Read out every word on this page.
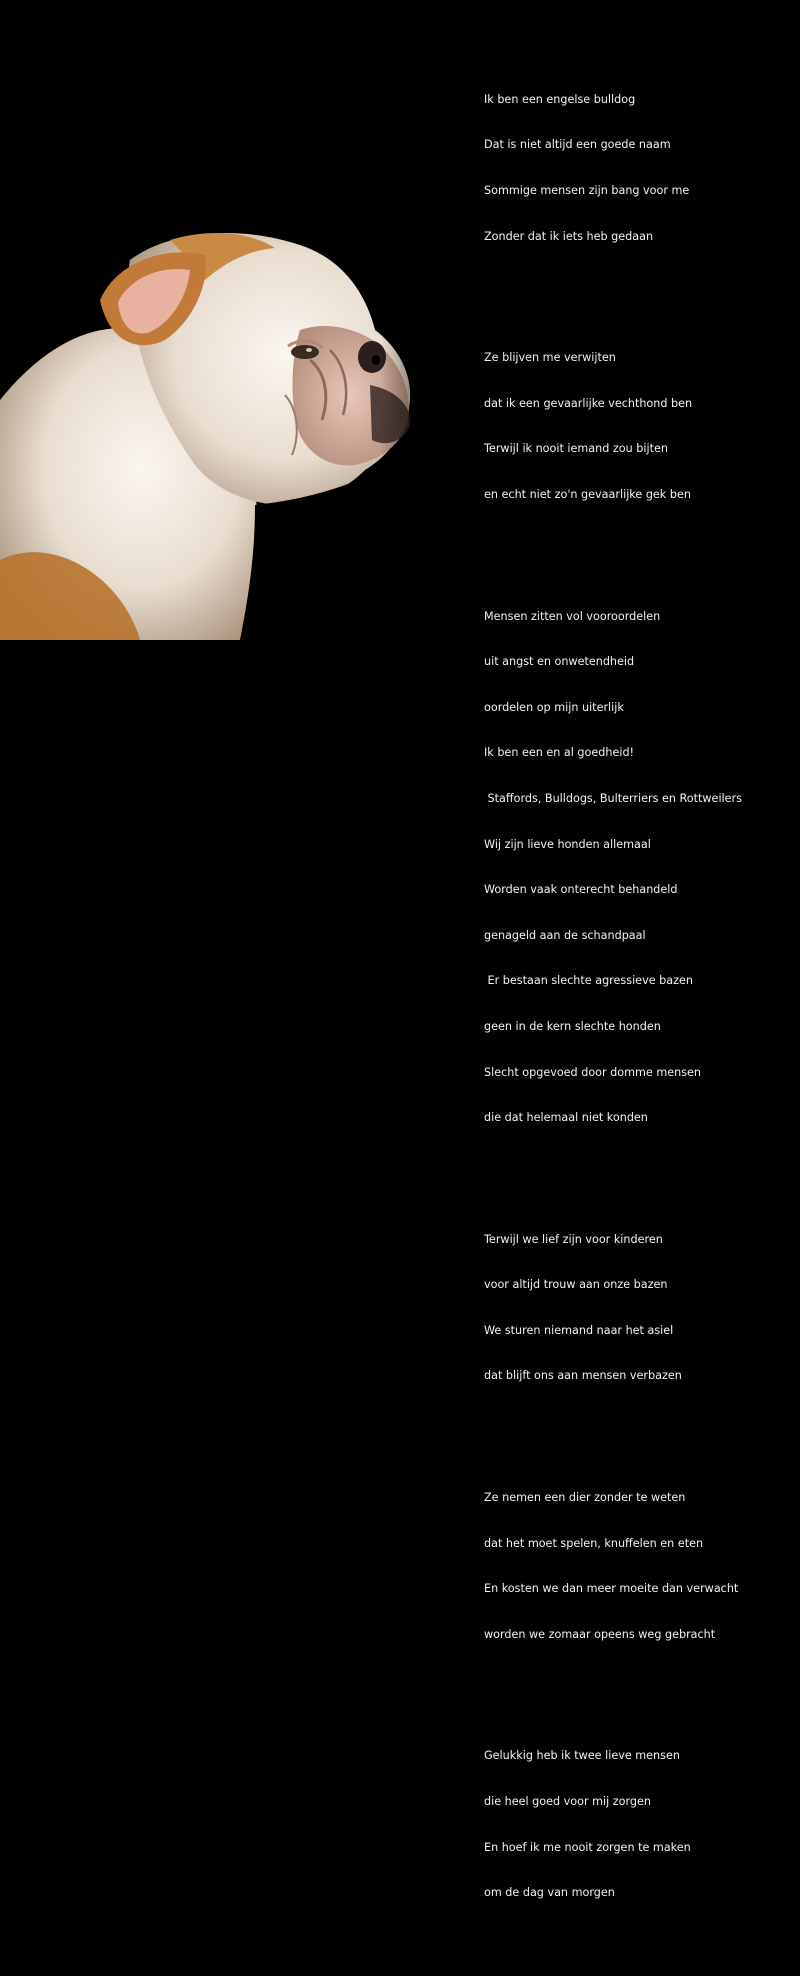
Ik ben een engelse bulldog

Dat is niet altijd een goede naam

Sommige mensen zijn bang voor me

Zonder dat ik iets heb gedaan

Ze blijven me verwijten

dat ik een gevaarlijke vechthond ben

Terwijl ik nooit iemand zou bijten

en echt niet zo'n gevaarlijke gek ben

Mensen zitten vol vooroordelen

uit angst en onwetendheid

oordelen op mijn uiterlijk

Ik ben een en al goedheid!

Staffords, Bulldogs, Bulterriers en Rottweilers

Wij zijn lieve honden allemaal

Worden vaak onterecht behandeld

genageld aan de schandpaal

Er bestaan slechte agressieve bazen

geen in de kern slechte honden

Slecht opgevoed door domme mensen

die dat helemaal niet konden

Terwijl we lief zijn voor kinderen

voor altijd trouw aan onze bazen

We sturen niemand naar het asiel

dat blijft ons aan mensen verbazen

Ze nemen een dier zonder te weten

dat het moet spelen, knuffelen en eten

En kosten we dan meer moeite dan verwacht

worden we zomaar opeens weg gebracht

Gelukkig heb ik twee lieve mensen

die heel goed voor mij zorgen

En hoef ik me nooit zorgen te maken

om de dag van morgen
